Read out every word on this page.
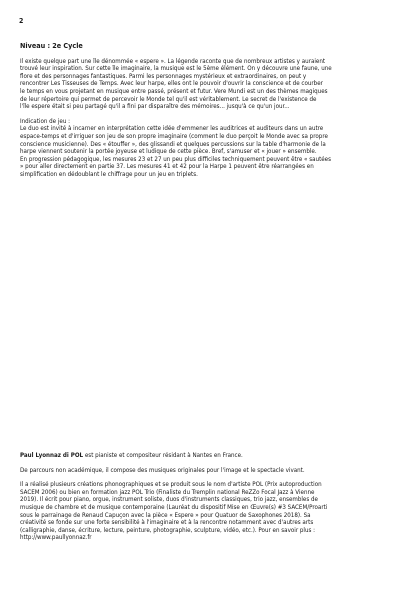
2
Niveau : 2e Cycle

Il existe quelque part une île dénommée « espere ». La légende raconte que de nombreux artistes y auraient
trouvé leur inspiration. Sur cette île imaginaire, la musique est le 5ème élément. On y découvre une faune, une
flore et des personnages fantastiques. Parmi les personnages mystérieux et extraordinaires, on peut y
rencontrer Les Tisseuses de Temps. Avec leur harpe, elles ont le pouvoir d'ouvrir la conscience et de courber
le temps en vous projetant en musique entre passé, présent et futur. Vere Mundi est un des thèmes magiques
de leur répertoire qui permet de percevoir le Monde tel qu'il est véritablement. Le secret de l'existence de
l'île espere était si peu partagé qu'il a fini par disparaître des mémoires... jusqu'à ce qu'un jour...

Indication de jeu :
Le duo est invité à incarner en interprétation cette idée d'emmener les auditrices et auditeurs dans un autre
espace-temps et d'irriguer son jeu de son propre imaginaire (comment le duo perçoit le Monde avec sa propre
conscience musicienne). Des « étouffer », des glissandi et quelques percussions sur la table d'harmonie de la
harpe viennent soutenir la portée joyeuse et ludique de cette pièce. Bref, s'amuser et « jouer » ensemble.
En progression pédagogique, les mesures 23 et 27 un peu plus difficiles techniquement peuvent être « sautées
» pour aller directement en partie 37. Les mesures 41 et 42 pour la Harpe 1 peuvent être réarrangées en
simplification en dédoublant le chiffrage pour un jeu en triplets.

Paul Lyonnaz di POL est pianiste et compositeur résidant à Nantes en France.

De parcours non académique, il compose des musiques originales pour l'image et le spectacle vivant.

Il a réalisé plusieurs créations phonographiques et se produit sous le nom d'artiste POL (Prix autoproduction
SACEM 2006) ou bien en formation jazz POL Trio (Finaliste du Tremplin national ReZZo Focal Jazz à Vienne
2019). Il écrit pour piano, orgue, instrument soliste, duos d'instruments classiques, trio jazz, ensembles de
musique de chambre et de musique contemporaine (Lauréat du dispositif Mise en Œuvre(s) #3 SACEM/Proarti
sous le parrainage de Renaud Capuçon avec la pièce « Espere » pour Quatuor de Saxophones 2018). Sa
créativité se fonde sur une forte sensibilité à l'imaginaire et à la rencontre notamment avec d'autres arts
(calligraphie, danse, écriture, lecture, peinture, photographie, sculpture, vidéo, etc.). Pour en savoir plus :
http://www.paullyonnaz.fr
